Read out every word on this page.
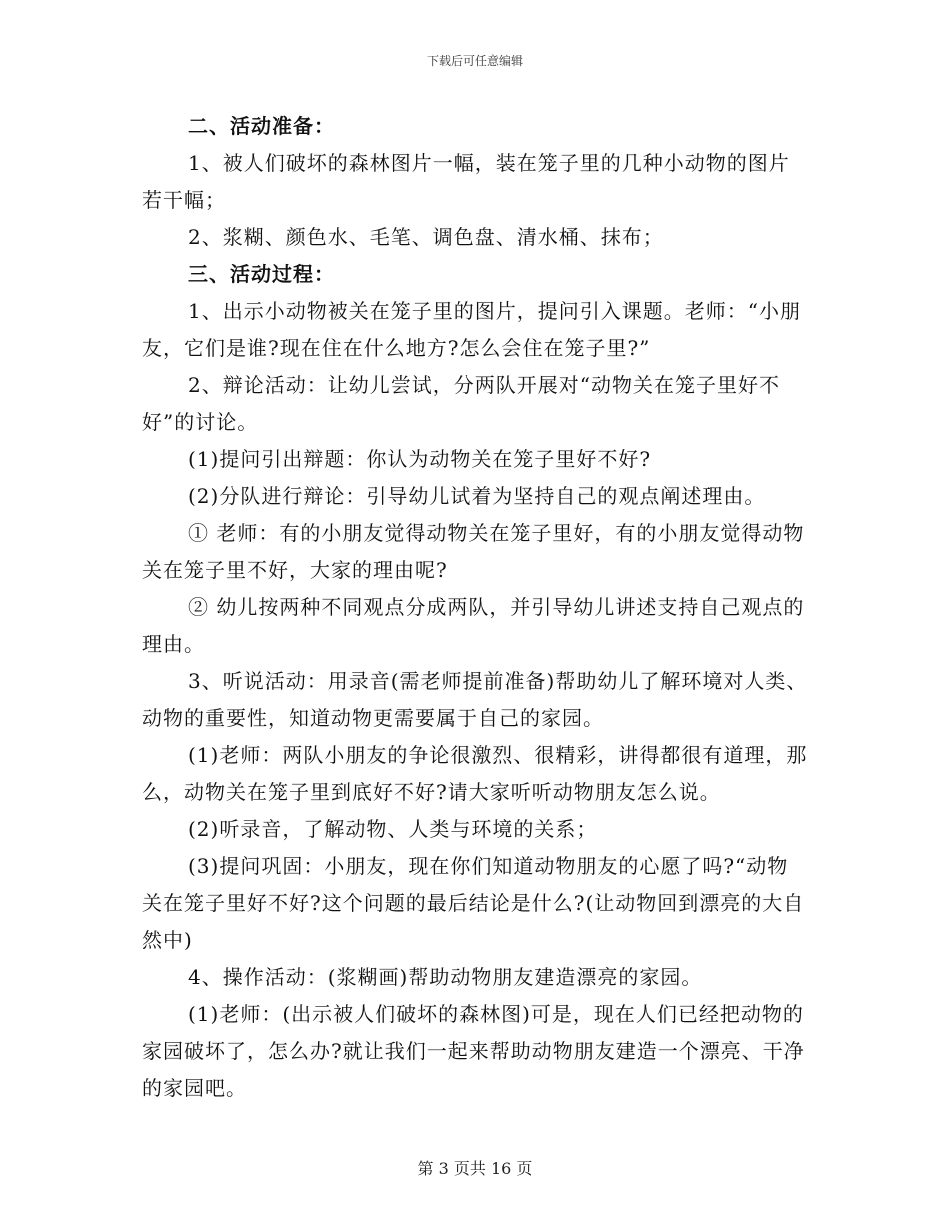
下载后可任意编辑

二、活动准备：

1、被人们破坏的森林图片一幅，装在笼子里的几种小动物的图片若干幅；

2、浆糊、颜色水、毛笔、调色盘、清水桶、抹布；

三、活动过程：

1、出示小动物被关在笼子里的图片，提问引入课题。老师：“小朋友，它们是谁?现在住在什么地方?怎么会住在笼子里?”

2、辩论活动：让幼儿尝试，分两队开展对“动物关在笼子里好不好”的讨论。

(1)提问引出辩题：你认为动物关在笼子里好不好?

(2)分队进行辩论：引导幼儿试着为坚持自己的观点阐述理由。

① 老师：有的小朋友觉得动物关在笼子里好，有的小朋友觉得动物关在笼子里不好，大家的理由呢?

② 幼儿按两种不同观点分成两队，并引导幼儿讲述支持自己观点的理由。

3、听说活动：用录音(需老师提前准备)帮助幼儿了解环境对人类、动物的重要性，知道动物更需要属于自己的家园。

(1)老师：两队小朋友的争论很激烈、很精彩，讲得都很有道理，那么，动物关在笼子里到底好不好?请大家听听动物朋友怎么说。

(2)听录音，了解动物、人类与环境的关系；

(3)提问巩固：小朋友，现在你们知道动物朋友的心愿了吗?“动物关在笼子里好不好?这个问题的最后结论是什么?(让动物回到漂亮的大自然中)

4、操作活动：(浆糊画)帮助动物朋友建造漂亮的家园。

(1)老师：(出示被人们破坏的森林图)可是，现在人们已经把动物的家园破坏了，怎么办?就让我们一起来帮助动物朋友建造一个漂亮、干净的家园吧。

第 3 页共 16 页
